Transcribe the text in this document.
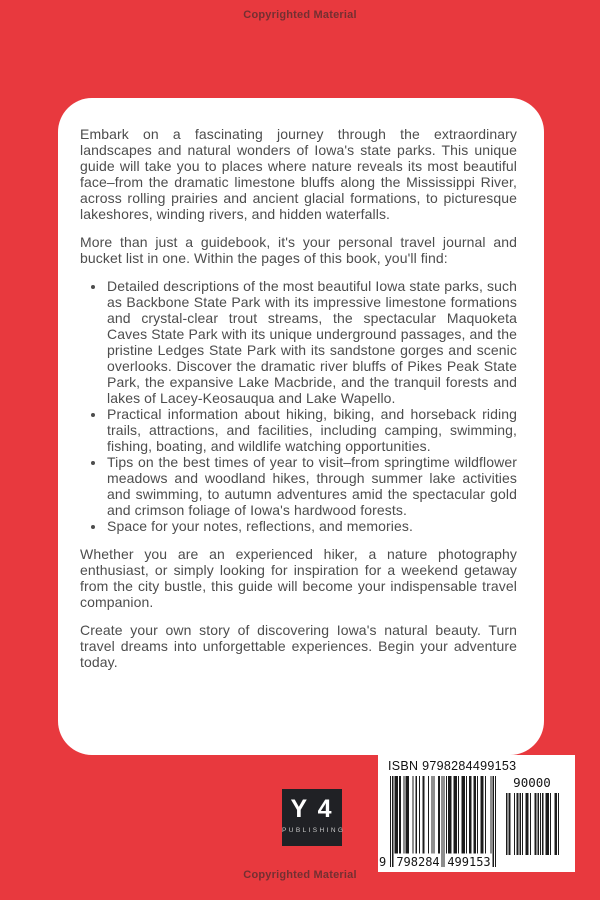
Copyrighted Material

Embark on a fascinating journey through the extraordinary landscapes and natural wonders of Iowa's state parks. This unique guide will take you to places where nature reveals its most beautiful face–from the dramatic limestone bluffs along the Mississippi River, across rolling prairies and ancient glacial formations, to picturesque lakeshores, winding rivers, and hidden waterfalls.

More than just a guidebook, it's your personal travel journal and bucket list in one. Within the pages of this book, you'll find:

• Detailed descriptions of the most beautiful Iowa state parks, such as Backbone State Park with its impressive limestone formations and crystal-clear trout streams, the spectacular Maquoketa Caves State Park with its unique underground passages, and the pristine Ledges State Park with its sandstone gorges and scenic overlooks. Discover the dramatic river bluffs of Pikes Peak State Park, the expansive Lake Macbride, and the tranquil forests and lakes of Lacey-Keosauqua and Lake Wapello.
• Practical information about hiking, biking, and horseback riding trails, attractions, and facilities, including camping, swimming, fishing, boating, and wildlife watching opportunities.
• Tips on the best times of year to visit–from springtime wildflower meadows and woodland hikes, through summer lake activities and swimming, to autumn adventures amid the spectacular gold and crimson foliage of Iowa's hardwood forests.
• Space for your notes, reflections, and memories.

Whether you are an experienced hiker, a nature photography enthusiast, or simply looking for inspiration for a weekend getaway from the city bustle, this guide will become your indispensable travel companion.

Create your own story of discovering Iowa's natural beauty. Turn travel dreams into unforgettable experiences. Begin your adventure today.

Y 4
PUBLISHING
ISBN 9798284499153
9 798284 499153
90000
Copyrighted Material
